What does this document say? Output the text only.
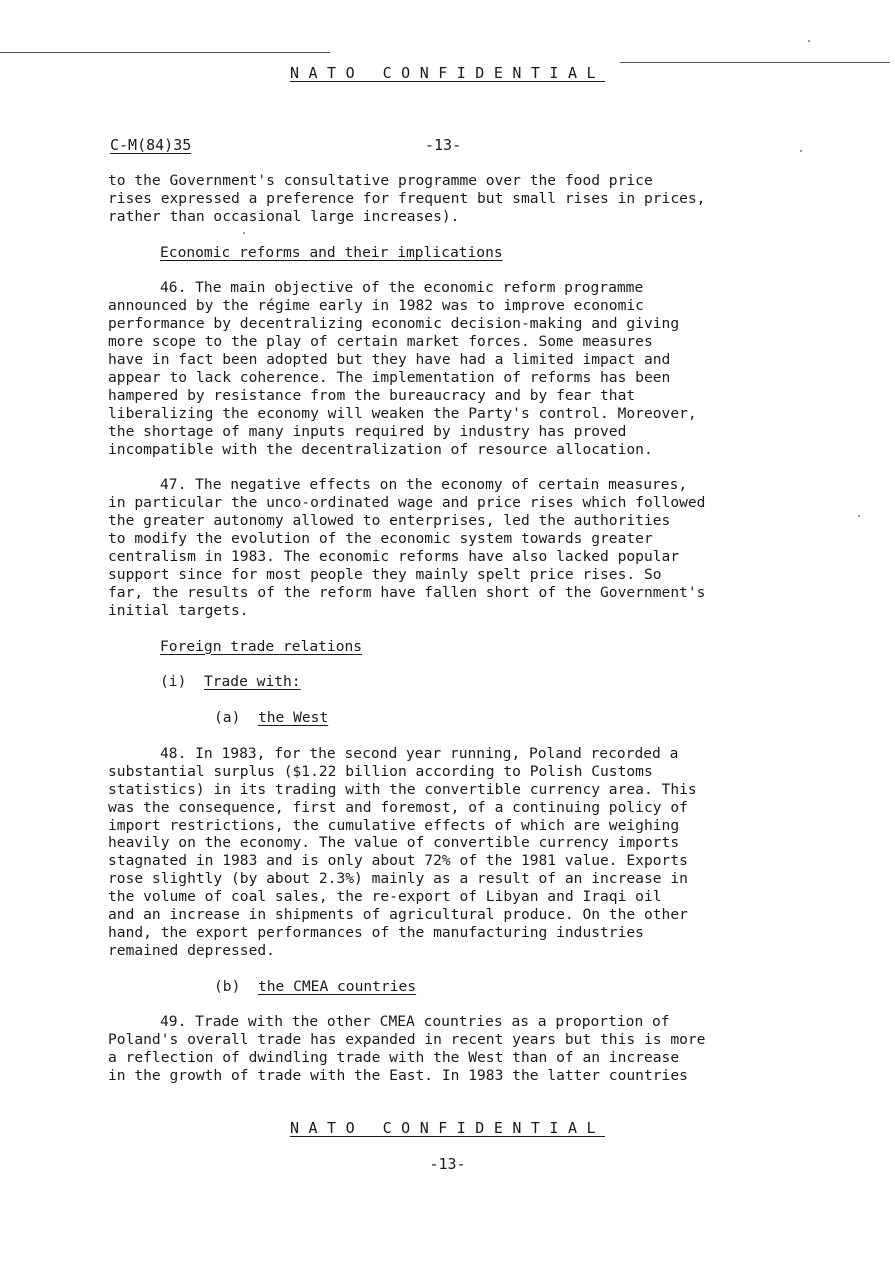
NATO CONFIDENTIAL
C-M(84)35	-13-

to the Government's consultative programme over the food price
rises expressed a preference for frequent but small rises in prices,
rather than occasional large increases).

Economic reforms and their implications

46. The main objective of the economic reform programme
announced by the régime early in 1982 was to improve economic
performance by decentralizing economic decision-making and giving
more scope to the play of certain market forces. Some measures
have in fact been adopted but they have had a limited impact and
appear to lack coherence. The implementation of reforms has been
hampered by resistance from the bureaucracy and by fear that
liberalizing the economy will weaken the Party's control. Moreover,
the shortage of many inputs required by industry has proved
incompatible with the decentralization of resource allocation.

47. The negative effects on the economy of certain measures,
in particular the unco-ordinated wage and price rises which followed
the greater autonomy allowed to enterprises, led the authorities
to modify the evolution of the economic system towards greater
centralism in 1983. The economic reforms have also lacked popular
support since for most people they mainly spelt price rises. So
far, the results of the reform have fallen short of the Government's
initial targets.

Foreign trade relations

(i) Trade with:

(a) the West

48. In 1983, for the second year running, Poland recorded a
substantial surplus ($1.22 billion according to Polish Customs
statistics) in its trading with the convertible currency area. This
was the consequence, first and foremost, of a continuing policy of
import restrictions, the cumulative effects of which are weighing
heavily on the economy. The value of convertible currency imports
stagnated in 1983 and is only about 72% of the 1981 value. Exports
rose slightly (by about 2.3%) mainly as a result of an increase in
the volume of coal sales, the re-export of Libyan and Iraqi oil
and an increase in shipments of agricultural produce. On the other
hand, the export performances of the manufacturing industries
remained depressed.

(b) the CMEA countries

49. Trade with the other CMEA countries as a proportion of
Poland's overall trade has expanded in recent years but this is more
a reflection of dwindling trade with the West than of an increase
in the growth of trade with the East. In 1983 the latter countries

NATO CONFIDENTIAL
-13-
